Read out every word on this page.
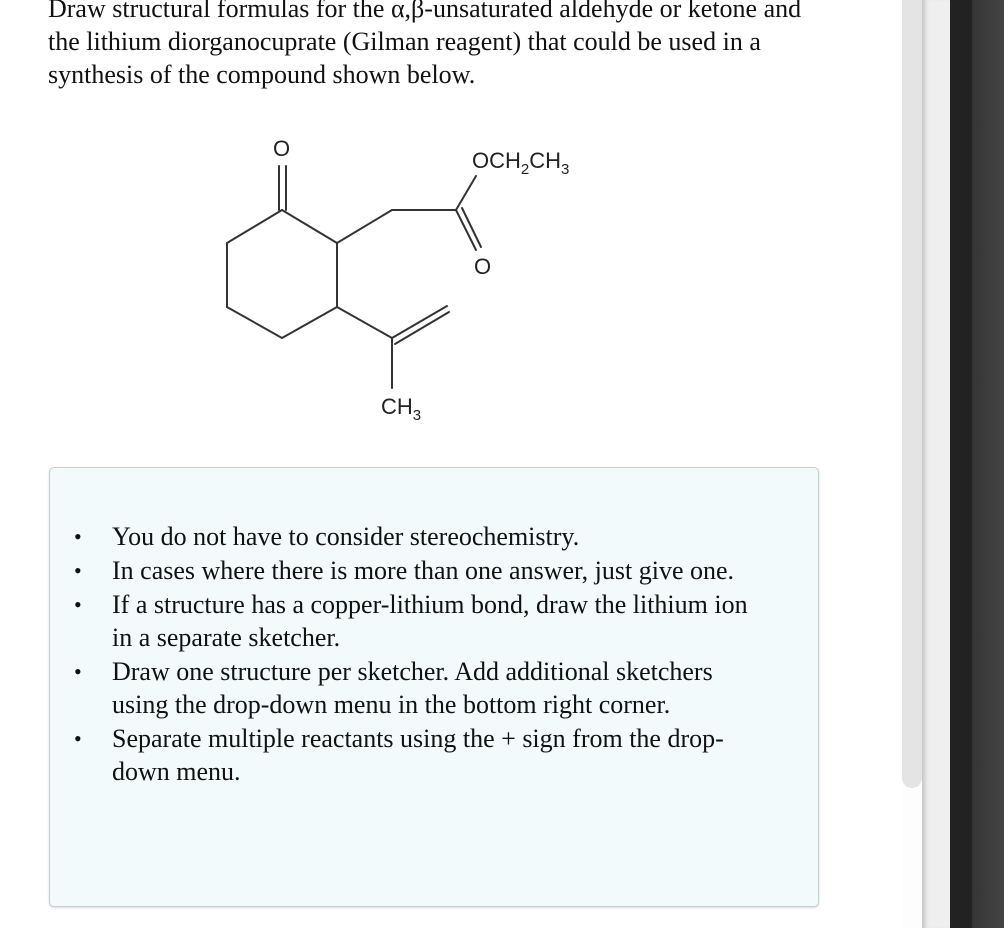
Draw structural formulas for the α,β-unsaturated aldehyde or ketone and the lithium diorganocuprate (Gilman reagent) that could be used in a synthesis of the compound shown below.
O	$OCH_2CH_3$
O
$CH_3$
• You do not have to consider stereochemistry.
• In cases where there is more than one answer, just give one.
• If a structure has a copper-lithium bond, draw the lithium ion in a separate sketcher.
• Draw one structure per sketcher. Add additional sketchers using the drop-down menu in the bottom right corner.
• Separate multiple reactants using the + sign from the drop-down menu.
